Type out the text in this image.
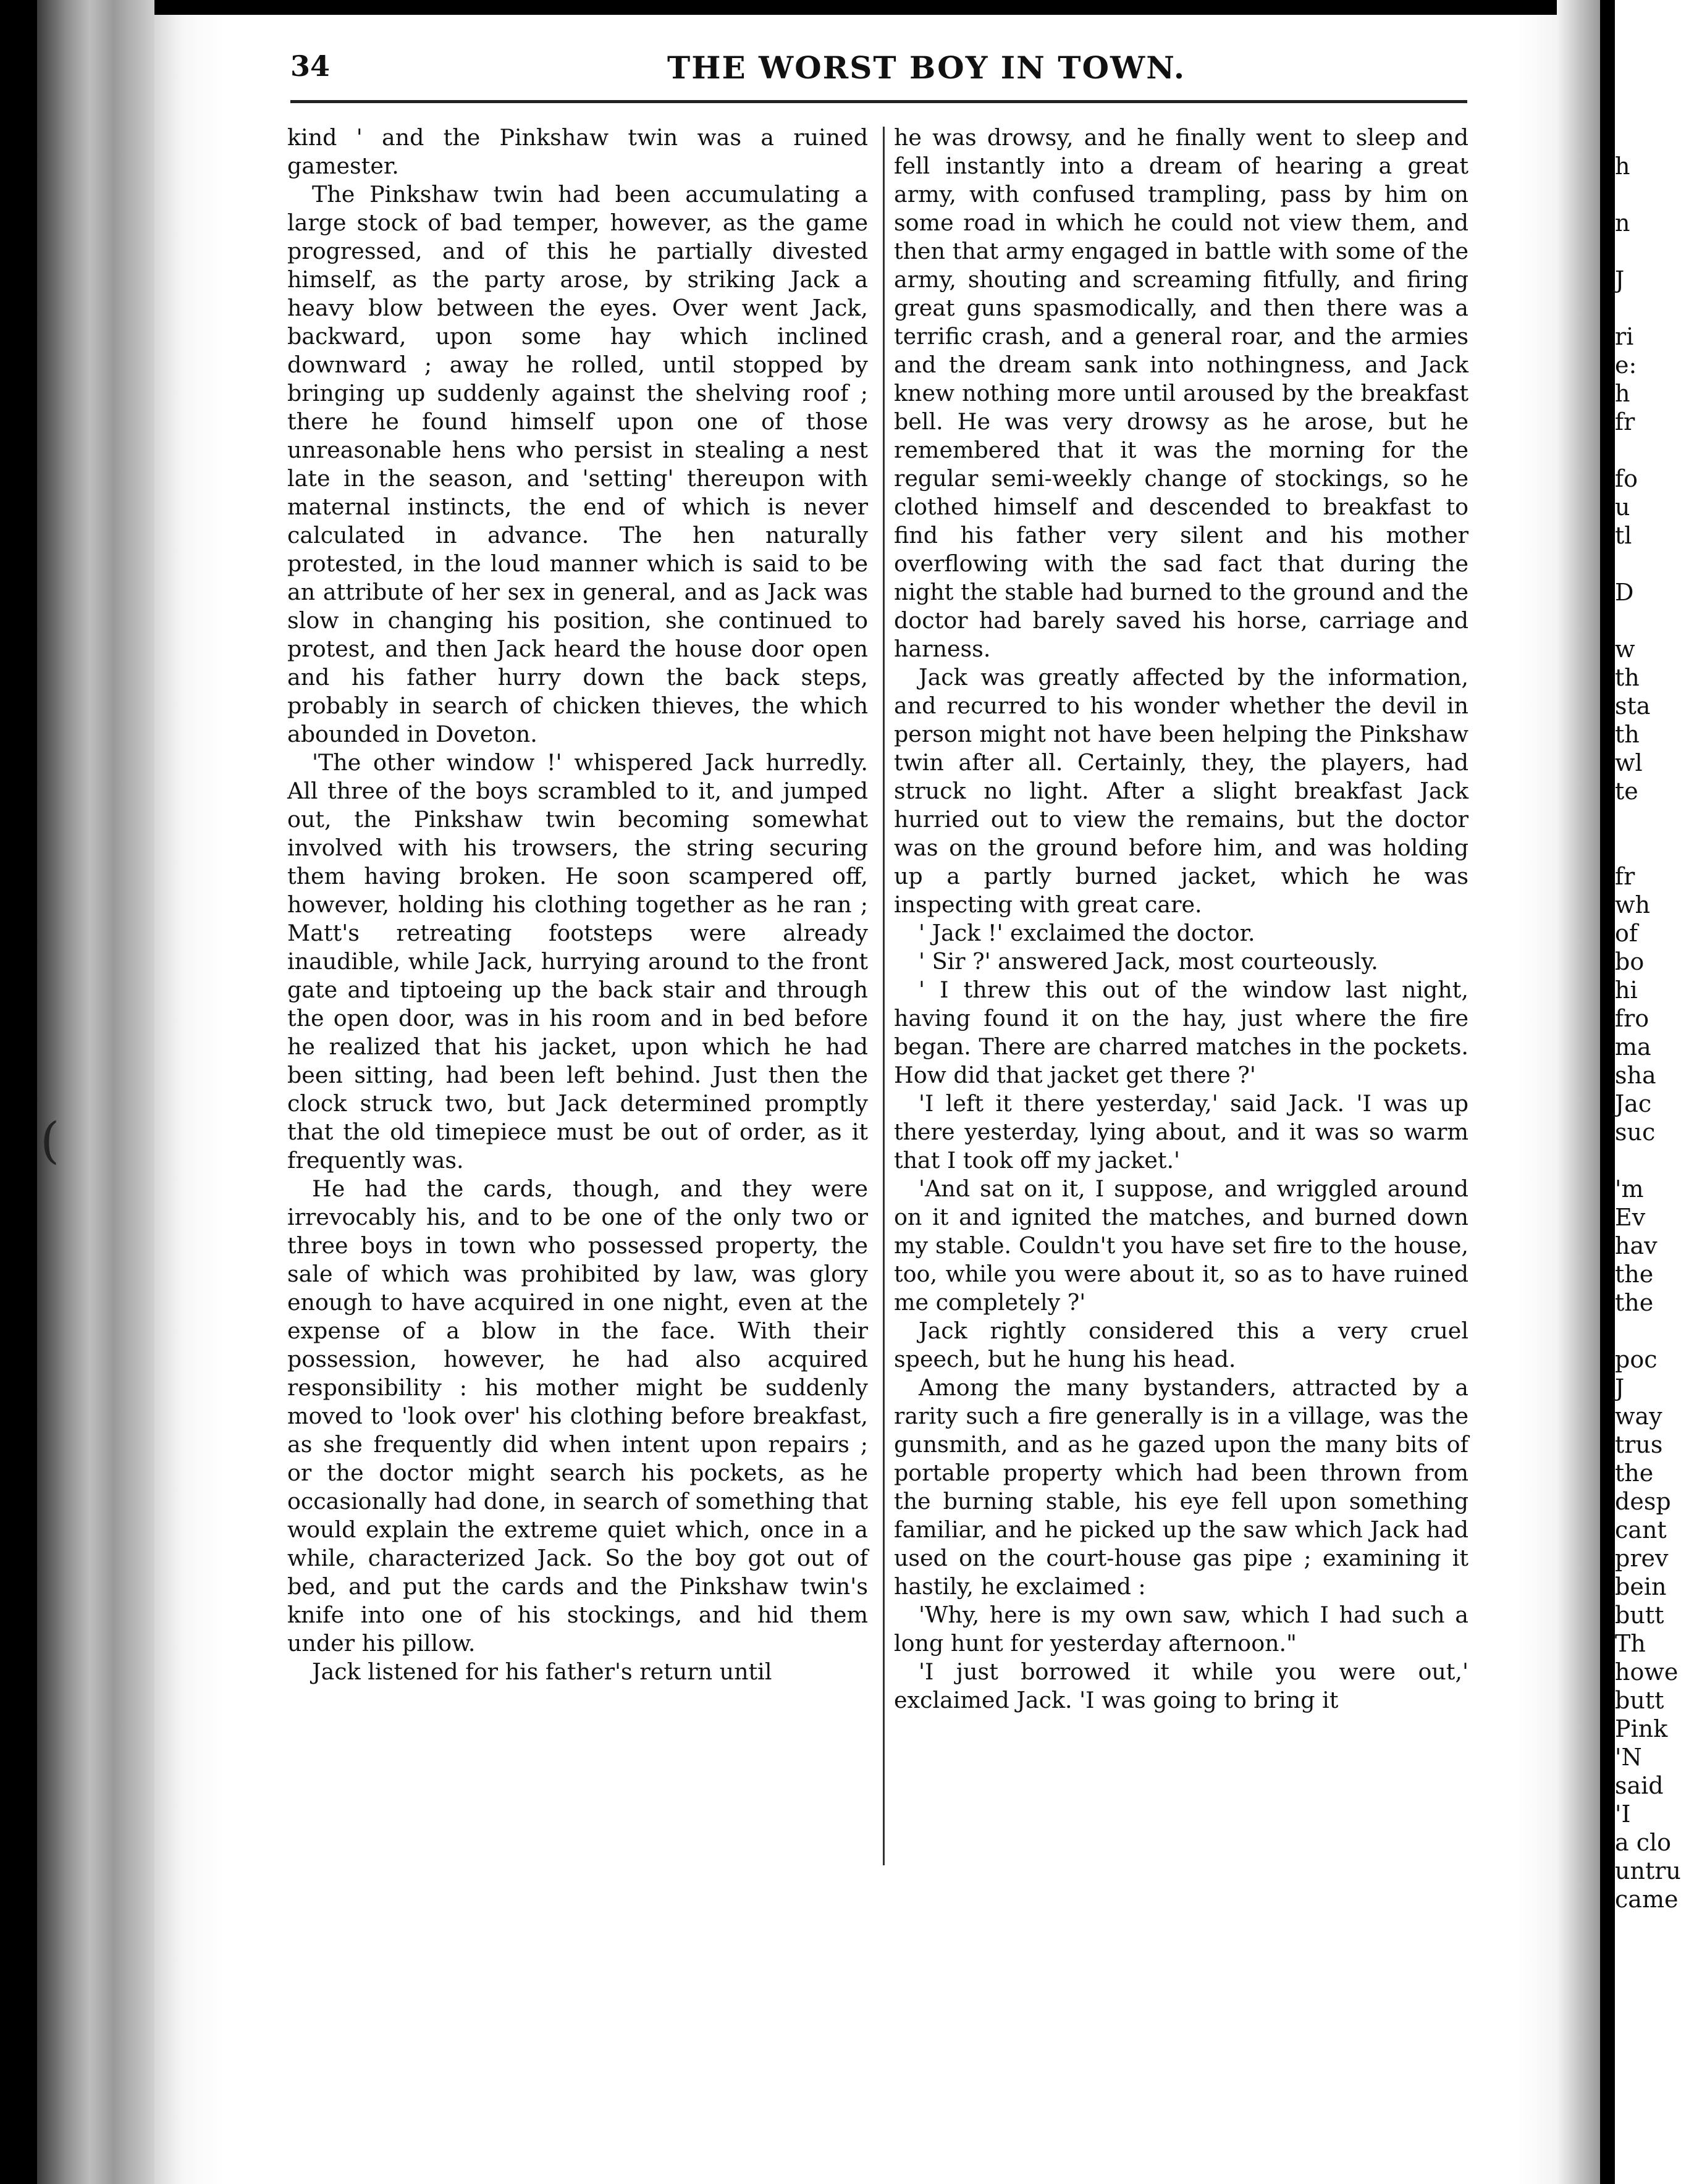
34	THE WORST BOY IN TOWN.

kind ' and the Pinkshaw twin was a ruined gamester.

The Pinkshaw twin had been accumulating a large stock of bad temper, however, as the game progressed, and of this he partially divested himself, as the party arose, by striking Jack a heavy blow between the eyes. Over went Jack, backward, upon some hay which inclined downward ; away he rolled, until stopped by bringing up suddenly against the shelving roof ; there he found himself upon one of those unreasonable hens who persist in stealing a nest late in the season, and 'setting' thereupon with maternal instincts, the end of which is never calculated in advance. The hen naturally protested, in the loud manner which is said to be an attribute of her sex in general, and as Jack was slow in changing his position, she continued to protest, and then Jack heard the house door open and his father hurry down the back steps, probably in search of chicken thieves, the which abounded in Doveton.

'The other window !' whispered Jack hurredly. All three of the boys scrambled to it, and jumped out, the Pinkshaw twin becoming somewhat involved with his trowsers, the string securing them having broken. He soon scampered off, however, holding his clothing together as he ran ; Matt's retreating footsteps were already inaudible, while Jack, hurrying around to the front gate and tiptoeing up the back stair and through the open door, was in his room and in bed before he realized that his jacket, upon which he had been sitting, had been left behind. Just then the clock struck two, but Jack determined promptly that the old timepiece must be out of order, as it frequently was.

He had the cards, though, and they were irrevocably his, and to be one of the only two or three boys in town who possessed property, the sale of which was prohibited by law, was glory enough to have acquired in one night, even at the expense of a blow in the face. With their possession, however, he had also acquired responsibility : his mother might be suddenly moved to 'look over' his clothing before breakfast, as she frequently did when intent upon repairs ; or the doctor might search his pockets, as he occasionally had done, in search of something that would explain the extreme quiet which, once in a while, characterized Jack. So the boy got out of bed, and put the cards and the Pinkshaw twin's knife into one of his stockings, and hid them under his pillow.

Jack listened for his father's return until

he was drowsy, and he finally went to sleep and fell instantly into a dream of hearing a great army, with confused trampling, pass by him on some road in which he could not view them, and then that army engaged in battle with some of the army, shouting and screaming fitfully, and firing great guns spasmodically, and then there was a terrific crash, and a general roar, and the armies and the dream sank into nothingness, and Jack knew nothing more until aroused by the breakfast bell. He was very drowsy as he arose, but he remembered that it was the morning for the regular semi-weekly change of stockings, so he clothed himself and descended to breakfast to find his father very silent and his mother overflowing with the sad fact that during the night the stable had burned to the ground and the doctor had barely saved his horse, carriage and harness.

Jack was greatly affected by the information, and recurred to his wonder whether the devil in person might not have been helping the Pinkshaw twin after all. Certainly, they, the players, had struck no light. After a slight breakfast Jack hurried out to view the remains, but the doctor was on the ground before him, and was holding up a partly burned jacket, which he was inspecting with great care.

' Jack !' exclaimed the doctor.

' Sir ?' answered Jack, most courteously.

' I threw this out of the window last night, having found it on the hay, just where the fire began. There are charred matches in the pockets. How did that jacket get there ?'

'I left it there yesterday,' said Jack. 'I was up there yesterday, lying about, and it was so warm that I took off my jacket.'

'And sat on it, I suppose, and wriggled around on it and ignited the matches, and burned down my stable. Couldn't you have set fire to the house, too, while you were about it, so as to have ruined me completely ?'

Jack rightly considered this a very cruel speech, but he hung his head.

Among the many bystanders, attracted by a rarity such a fire generally is in a village, was the gunsmith, and as he gazed upon the many bits of portable property which had been thrown from the burning stable, his eye fell upon something familiar, and he picked up the saw which Jack had used on the court-house gas pipe ; examining it hastily, he exclaimed :

'Why, here is my own saw, which I had such a long hunt for yesterday afternoon."

'I just borrowed it while you were out,' exclaimed Jack. 'I was going to bring it

h

n

J

ri
e:
h
fr

fo
u
tl

D

w
th
sta
th
wl
te

fr
wh
of
bo
hi
fro
ma
sha
Jac
suc

'm
Ev
hav
the
the

poc
J
way
trus
the
desp
cant
prev
bein
butt
Th
howe
butt
Pink
'N
said
'I
a clo
untru
came
(
